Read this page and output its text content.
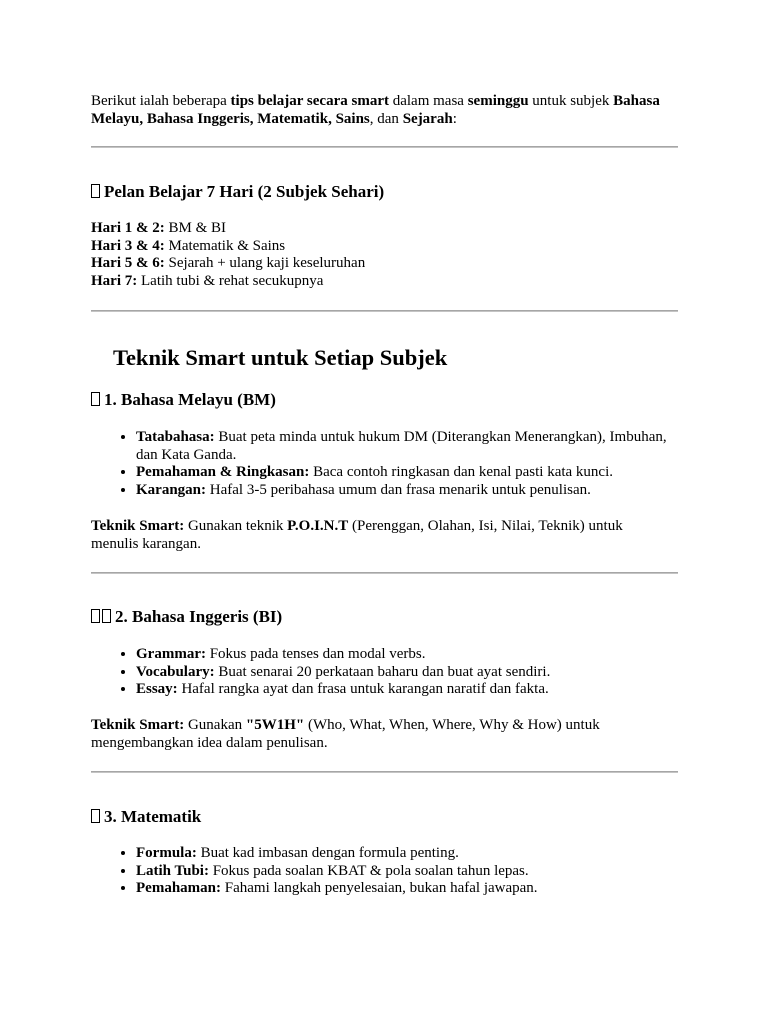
Berikut ialah beberapa tips belajar secara smart dalam masa seminggu untuk subjek Bahasa Melayu, Bahasa Inggeris, Matematik, Sains, dan Sejarah:

Pelan Belajar 7 Hari (2 Subjek Sehari)
Hari 1 & 2: BM & BI
Hari 3 & 4: Matematik & Sains
Hari 5 & 6: Sejarah + ulang kaji keseluruhan
Hari 7: Latih tubi & rehat secukupnya
Teknik Smart untuk Setiap Subjek
1. Bahasa Melayu (BM)
• Tatabahasa: Buat peta minda untuk hukum DM (Diterangkan Menerangkan), Imbuhan, dan Kata Ganda.
• Pemahaman & Ringkasan: Baca contoh ringkasan dan kenal pasti kata kunci.
• Karangan: Hafal 3-5 peribahasa umum dan frasa menarik untuk penulisan.

Teknik Smart: Gunakan teknik P.O.I.N.T (Perenggan, Olahan, Isi, Nilai, Teknik) untuk menulis karangan.

2. Bahasa Inggeris (BI)
• Grammar: Fokus pada tenses dan modal verbs.
• Vocabulary: Buat senarai 20 perkataan baharu dan buat ayat sendiri.
• Essay: Hafal rangka ayat dan frasa untuk karangan naratif dan fakta.

Teknik Smart: Gunakan "5W1H" (Who, What, When, Where, Why & How) untuk mengembangkan idea dalam penulisan.

3. Matematik
• Formula: Buat kad imbasan dengan formula penting.
• Latih Tubi: Fokus pada soalan KBAT & pola soalan tahun lepas.
• Pemahaman: Fahami langkah penyelesaian, bukan hafal jawapan.
